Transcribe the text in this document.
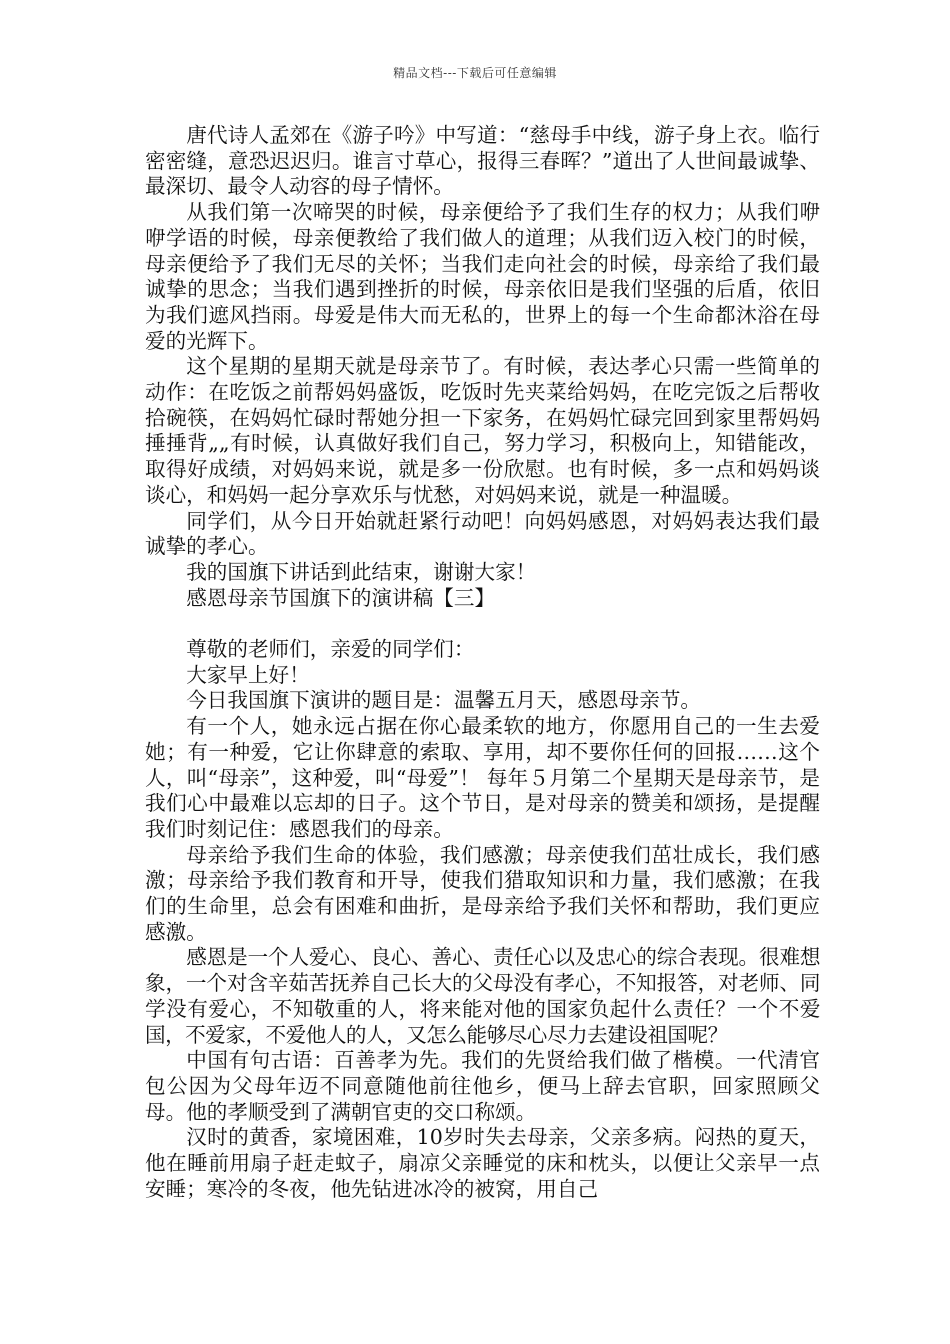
精品文档---下载后可任意编辑

唐代诗人孟郊在《游子吟》中写道：“慈母手中线，游子身上衣。临行密密缝，意恐迟迟归。谁言寸草心，报得三春晖？”道出了人世间最诚挚、最深切、最令人动容的母子情怀。

从我们第一次啼哭的时候，母亲便给予了我们生存的权力；从我们咿咿学语的时候，母亲便教给了我们做人的道理；从我们迈入校门的时候，母亲便给予了我们无尽的关怀；当我们走向社会的时候，母亲给了我们最诚挚的思念；当我们遇到挫折的时候，母亲依旧是我们坚强的后盾，依旧为我们遮风挡雨。母爱是伟大而无私的，世界上的每一个生命都沐浴在母爱的光辉下。

这个星期的星期天就是母亲节了。有时候，表达孝心只需一些简单的动作：在吃饭之前帮妈妈盛饭，吃饭时先夹菜给妈妈，在吃完饭之后帮收拾碗筷，在妈妈忙碌时帮她分担一下家务，在妈妈忙碌完回到家里帮妈妈捶捶背„„有时候，认真做好我们自己，努力学习，积极向上，知错能改，取得好成绩，对妈妈来说，就是多一份欣慰。也有时候，多一点和妈妈谈谈心，和妈妈一起分享欢乐与忧愁，对妈妈来说，就是一种温暖。

同学们，从今日开始就赶紧行动吧！向妈妈感恩，对妈妈表达我们最诚挚的孝心。

我的国旗下讲话到此结束，谢谢大家！

感恩母亲节国旗下的演讲稿【三】

尊敬的老师们，亲爱的同学们：

大家早上好！

今日我国旗下演讲的题目是：温馨五月天，感恩母亲节。

有一个人，她永远占据在你心最柔软的地方，你愿用自己的一生去爱她；有一种爱，它让你肆意的索取、享用，却不要你任何的回报……这个人，叫“母亲”，这种爱，叫“母爱”！ 每年５月第二个星期天是母亲节，是我们心中最难以忘却的日子。这个节日，是对母亲的赞美和颂扬，是提醒我们时刻记住：感恩我们的母亲。

母亲给予我们生命的体验，我们感激；母亲使我们茁壮成长，我们感激；母亲给予我们教育和开导，使我们猎取知识和力量，我们感激；在我们的生命里，总会有困难和曲折，是母亲给予我们关怀和帮助，我们更应感激。

感恩是一个人爱心、良心、善心、责任心以及忠心的综合表现。很难想象，一个对含辛茹苦抚养自己长大的父母没有孝心，不知报答，对老师、同学没有爱心，不知敬重的人，将来能对他的国家负起什么责任？一个不爱国，不爱家，不爱他人的人，又怎么能够尽心尽力去建设祖国呢？

中国有句古语：百善孝为先。我们的先贤给我们做了楷模。一代清官包公因为父母年迈不同意随他前往他乡，便马上辞去官职，回家照顾父母。他的孝顺受到了满朝官吏的交口称颂。

汉时的黄香，家境困难，10岁时失去母亲，父亲多病。闷热的夏天，他在睡前用扇子赶走蚊子，扇凉父亲睡觉的床和枕头，以便让父亲早一点安睡；寒冷的冬夜，他先钻进冰冷的被窝，用自己
